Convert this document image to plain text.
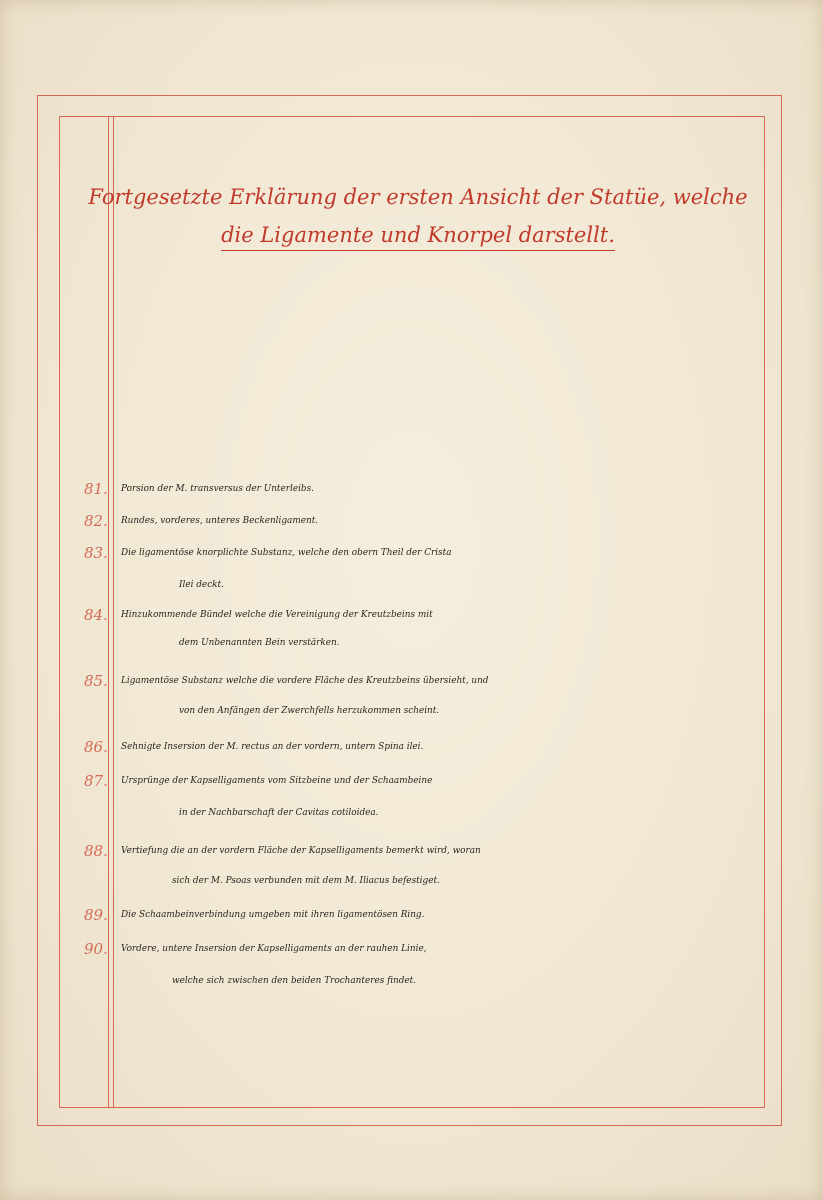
Fortgesetzte Erklärung der ersten Ansicht der Statüe, welche die Ligamente und Knorpel darstellt.
81.	Porsion der M. transversus der Unterleibs.
82.	Rundes, vorderes, unteres Beckenligament.
83.	Die ligamentöse knorplichte Substanz, welche den obern Theil der Crista
Ilei deckt.
84.	Hinzukommende Bündel welche die Vereinigung der Kreutzbeins mit
dem Unbenannten Bein verstärken.
85.	Ligamentöse Substanz welche die vordere Fläche des Kreutzbeins übersieht, und
von den Anfängen der Zwerchfells herzukommen scheint.
86.	Sehnigte Insersion der M. rectus an der vordern, untern Spina ilei.
87.	Ursprünge der Kapselligaments vom Sitzbeine und der Schaambeine
in der Nachbarschaft der Cavitas cotiloidea.
88.	Vertiefung die an der vordern Fläche der Kapselligaments bemerkt wird, woran
sich der M. Psoas verbunden mit dem M. Iliacus befestiget.
89.	Die Schaambeinverbindung umgeben mit ihren ligamentösen Ring.
90.	Vordere, untere Insersion der Kapselligaments an der rauhen Linie,
welche sich zwischen den beiden Trochanteres findet.
